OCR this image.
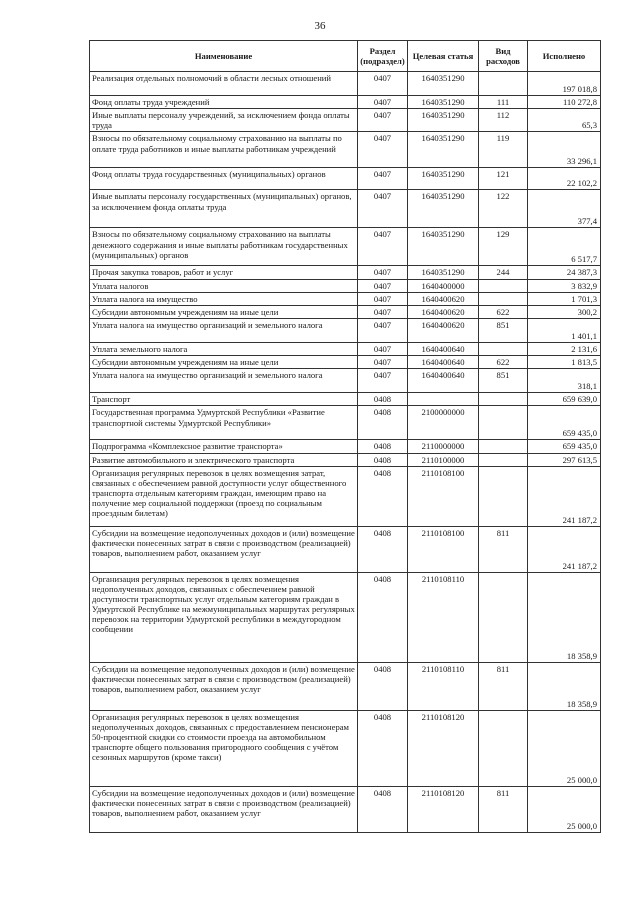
36
Наименование	Раздел (подраздел)	Целевая статья	Вид расходов	Исполнено
Реализация отдельных полномочий в области лесных отношений	0407	1640351290		197 018,8
Фонд оплаты труда учреждений	0407	1640351290	111	110 272,8
Иные выплаты персоналу учреждений, за исключением фонда оплаты труда	0407	1640351290	112	65,3
Взносы по обязательному социальному страхованию на выплаты по оплате труда работников и иные выплаты работникам учреждений	0407	1640351290	119	33 296,1
Фонд оплаты труда государственных (муниципальных) органов	0407	1640351290	121	22 102,2
Иные выплаты персоналу государственных (муниципальных) органов, за исключением фонда оплаты труда	0407	1640351290	122	377,4
Взносы по обязательному социальному страхованию на выплаты денежного содержания и иные выплаты работникам государственных (муниципальных) органов	0407	1640351290	129	6 517,7
Прочая закупка товаров, работ и услуг	0407	1640351290	244	24 387,3
Уплата налогов	0407	1640400000		3 832,9
Уплата налога на имущество	0407	1640400620		1 701,3
Субсидии автономным учреждениям на иные цели	0407	1640400620	622	300,2
Уплата налога на имущество организаций и земельного налога	0407	1640400620	851	1 401,1
Уплата земельного налога	0407	1640400640		2 131,6
Субсидии автономным учреждениям на иные цели	0407	1640400640	622	1 813,5
Уплата налога на имущество организаций и земельного налога	0407	1640400640	851	318,1
Транспорт	0408			659 639,0
Государственная программа Удмуртской Республики «Развитие транспортной системы Удмуртской Республики»	0408	2100000000		659 435,0
Подпрограмма «Комплексное развитие транспорта»	0408	2110000000		659 435,0
Развитие автомобильного и электрического транспорта	0408	2110100000		297 613,5
Организация регулярных перевозок в целях возмещения затрат, связанных с обеспечением равной доступности услуг общественного транспорта отдельным категориям граждан, имеющим право на получение мер социальной поддержки (проезд по социальным проездным билетам)	0408	2110108100		241 187,2
Субсидии на возмещение недополученных доходов и (или) возмещение фактически понесенных затрат в связи с производством (реализацией) товаров, выполнением работ, оказанием услуг	0408	2110108100	811	241 187,2
Организация регулярных перевозок в целях возмещения недополученных доходов, связанных с обеспечением равной доступности транспортных услуг отдельным категориям граждан в Удмуртской Республике на межмуниципальных маршрутах регулярных перевозок на территории Удмуртской республики в междугородном сообщении	0408	2110108110		18 358,9
Субсидии на возмещение недополученных доходов и (или) возмещение фактически понесенных затрат в связи с производством (реализацией) товаров, выполнением работ, оказанием услуг	0408	2110108110	811	18 358,9
Организация регулярных перевозок в целях возмещения недополученных доходов, связанных с предоставлением пенсионерам 50-процентной скидки со стоимости проезда на автомобильном транспорте общего пользования пригородного сообщения с учётом сезонных маршрутов (кроме такси)	0408	2110108120		25 000,0
Субсидии на возмещение недополученных доходов и (или) возмещение фактически понесенных затрат в связи с производством (реализацией) товаров, выполнением работ, оказанием услуг	0408	2110108120	811	25 000,0
